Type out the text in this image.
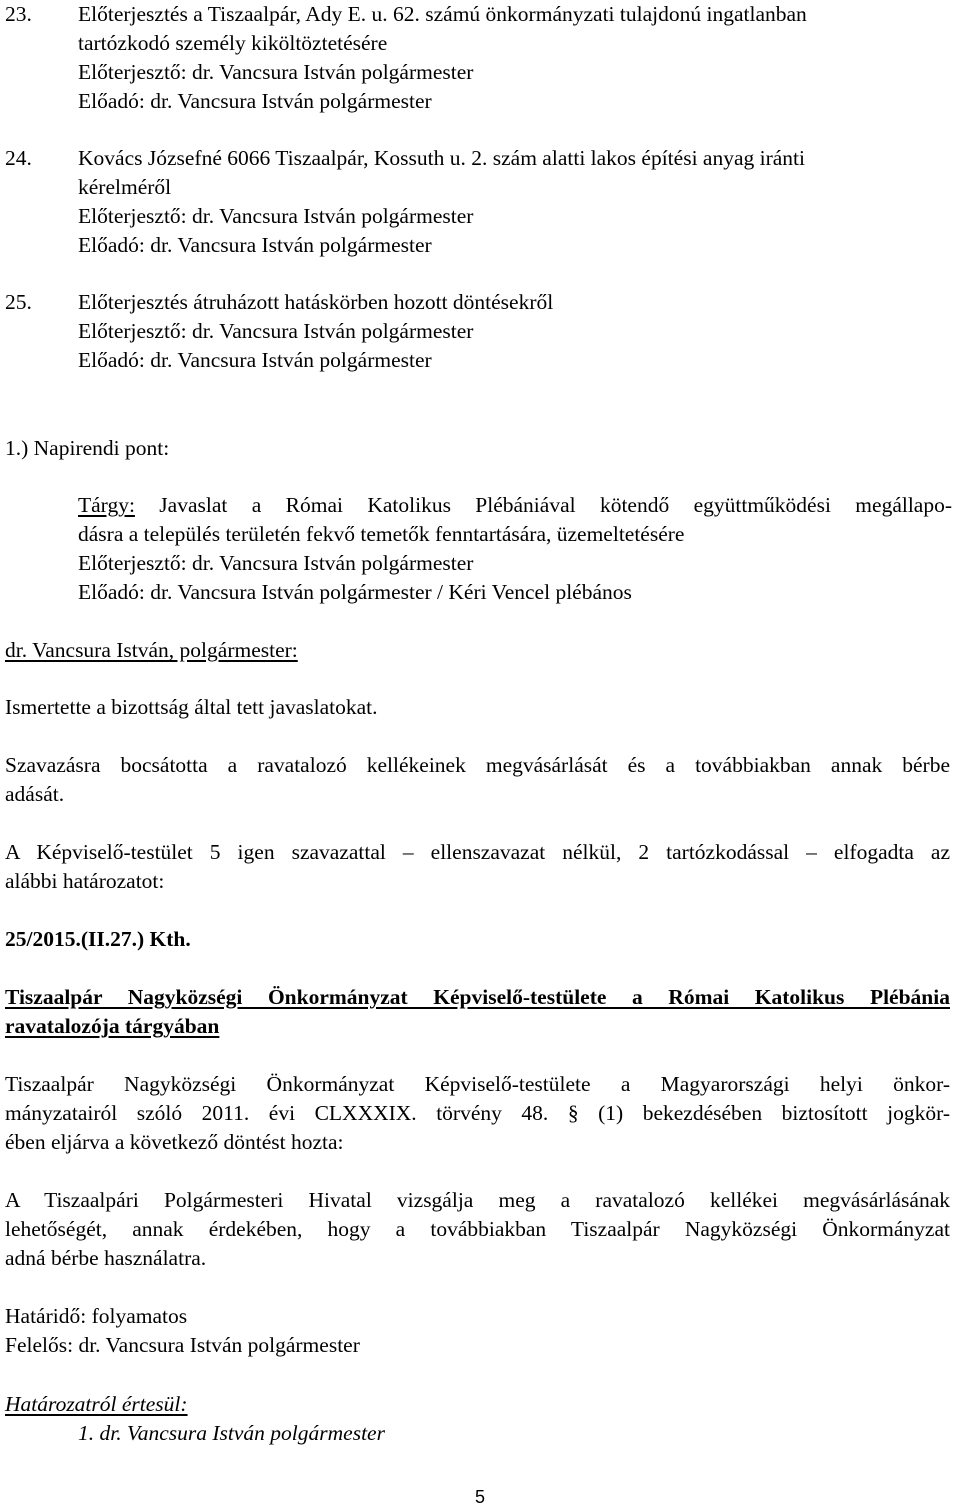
23. Előterjesztés a Tiszaalpár, Ady E. u. 62. számú önkormányzati tulajdonú ingatlanban
tartózkodó személy kiköltöztetésére
Előterjesztő: dr. Vancsura István polgármester
Előadó: dr. Vancsura István polgármester
24. Kovács Józsefné 6066 Tiszaalpár, Kossuth u. 2. szám alatti lakos építési anyag iránti
kérelméről
Előterjesztő: dr. Vancsura István polgármester
Előadó: dr. Vancsura István polgármester
25. Előterjesztés átruházott hatáskörben hozott döntésekről
Előterjesztő: dr. Vancsura István polgármester
Előadó: dr. Vancsura István polgármester
1.) Napirendi pont:
Tárgy: Javaslat a Római Katolikus Plébániával kötendő együttműködési megállapo-
dásra a település területén fekvő temetők fenntartására, üzemeltetésére
Előterjesztő: dr. Vancsura István polgármester
Előadó: dr. Vancsura István polgármester / Kéri Vencel plébános
dr. Vancsura István, polgármester:
Ismertette a bizottság által tett javaslatokat.
Szavazásra bocsátotta a ravatalozó kellékeinek megvásárlását és a továbbiakban annak bérbe
adását.
A Képviselő-testület 5 igen szavazattal – ellenszavazat nélkül, 2 tartózkodással – elfogadta az
alábbi határozatot:
25/2015.(II.27.) Kth.
Tiszaalpár Nagyközségi Önkormányzat Képviselő-testülete a Római Katolikus Plébánia
ravatalozója tárgyában
Tiszaalpár Nagyközségi Önkormányzat Képviselő-testülete a Magyarországi helyi önkor-
mányzatairól szóló 2011. évi CLXXXIX. törvény 48. § (1) bekezdésében biztosított jogkör-
ében eljárva a következő döntést hozta:
A Tiszaalpári Polgármesteri Hivatal vizsgálja meg a ravatalozó kellékei megvásárlásának
lehetőségét, annak érdekében, hogy a továbbiakban Tiszaalpár Nagyközségi Önkormányzat
adná bérbe használatra.
Határidő: folyamatos
Felelős: dr. Vancsura István polgármester
Határozatról értesül:
1. dr. Vancsura István polgármester
5
